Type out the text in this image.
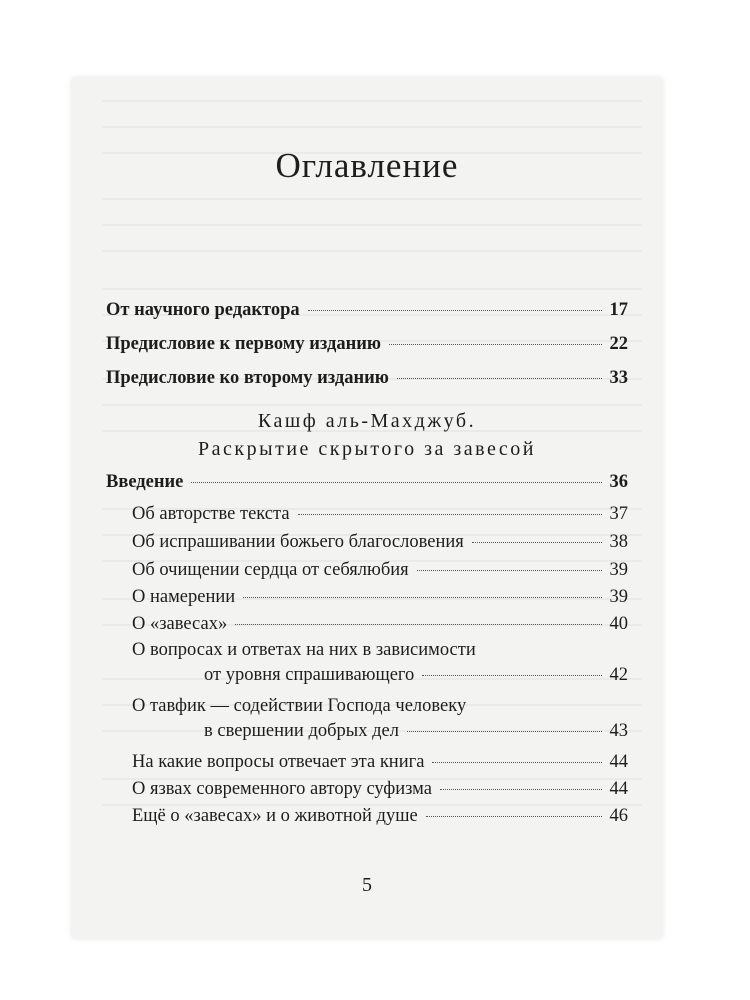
Оглавление
От научного редактора	17
Предисловие к первому изданию	22
Предисловие ко второму изданию	33
Кашф аль-Махджуб.
Раскрытие скрытого за завесой
Введение	36
Об авторстве текста	37
Об испрашивании божьего благословения	38
Об очищении сердца от себялюбия	39
О намерении	39
О «завесах»	40
О вопросах и ответах на них в зависимости
от уровня спрашивающего	42
О тавфик — содействии Господа человеку
в свершении добрых дел	43
На какие вопросы отвечает эта книга	44
О язвах современного автору суфизма	44
Ещё о «завесах» и о животной душе	46
5
